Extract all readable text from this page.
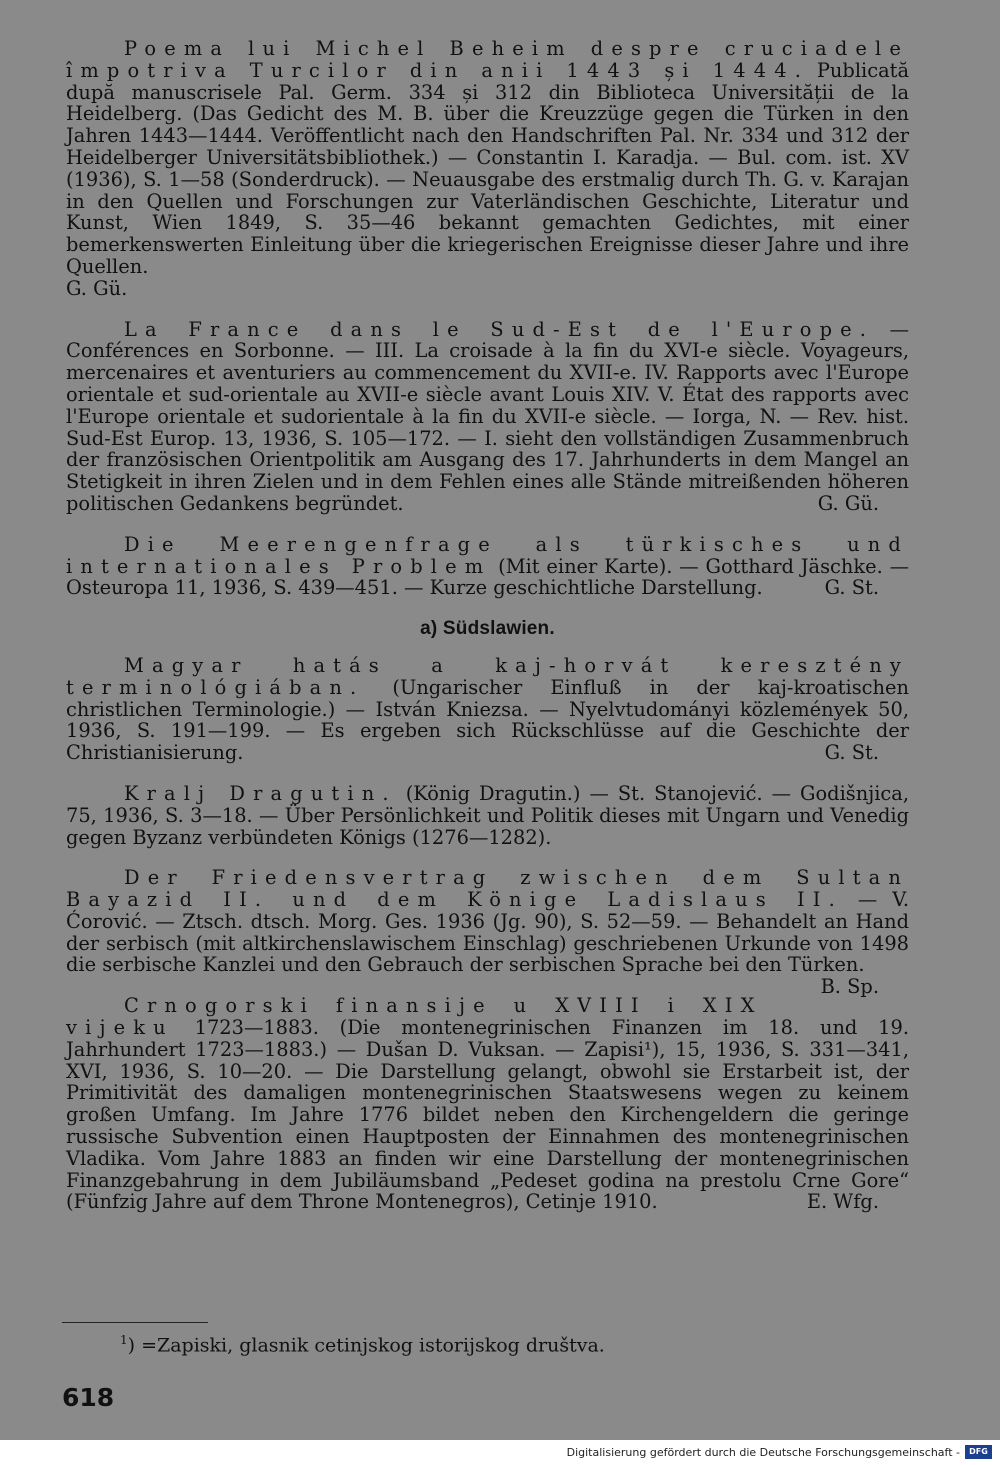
Poema lui Michel Beheim despre cruciadele împotriva Turcilor din anii 1443 și 1444. Publicată după manuscrisele Pal. Germ. 334 și 312 din Biblioteca Universității de la Heidelberg. (Das Gedicht des M. B. über die Kreuzzüge gegen die Türken in den Jahren 1443—1444. Veröffentlicht nach den Handschriften Pal. Nr. 334 und 312 der Heidelberger Universitätsbibliothek.) — Constantin I. Karadja. — Bul. com. ist. XV (1936), S. 1—58 (Sonderdruck). — Neuausgabe des erstmalig durch Th. G. v. Karajan in den Quellen und Forschungen zur Vaterländischen Geschichte, Literatur und Kunst, Wien 1849, S. 35—46 bekannt gemachten Gedichtes, mit einer bemerkenswerten Einleitung über die kriegerischen Ereignisse dieser Jahre und ihre Quellen.

G. Gü.

La France dans le Sud-Est de l'Europe. — Conférences en Sorbonne. — III. La croisade à la fin du XVI-e siècle. Voyageurs, mercenaires et aventuriers au commencement du XVII-e. IV. Rapports avec l'Europe orientale et sud-orientale au XVII-e siècle avant Louis XIV. V. État des rapports avec l'Europe orientale et sudorientale à la fin du XVII-e siècle. — Iorga, N. — Rev. hist. Sud-Est Europ. 13, 1936, S. 105—172. — I. sieht den vollständigen Zusammenbruch der französischen Orientpolitik am Ausgang des 17. Jahrhunderts in dem Mangel an Stetigkeit in ihren Zielen und in dem Fehlen eines alle Stände mitreißenden höheren politischen Gedankens begründet.	G. Gü.

Die Meerengenfrage als türkisches und internationales Problem (Mit einer Karte). — Gotthard Jäschke. — Osteuropa 11, 1936, S. 439—451. — Kurze geschichtliche Darstellung.	G. St.

a) Südslawien.

Magyar hatás a kaj-horvát keresztény terminológiában. (Ungarischer Einfluß in der kaj-kroatischen christlichen Terminologie.) — István Kniezsa. — Nyelvtudományi közlemények 50, 1936, S. 191—199. — Es ergeben sich Rückschlüsse auf die Geschichte der Christianisierung.	G. St.

Kralj Dragutin. (König Dragutin.) — St. Stanojević. — Godišnjica, 75, 1936, S. 3—18. — Über Persönlichkeit und Politik dieses mit Ungarn und Venedig gegen Byzanz verbündeten Königs (1276—1282).

Der Friedensvertrag zwischen dem Sultan Bayazid II. und dem Könige Ladislaus II. — V. Ćorović. — Ztsch. dtsch. Morg. Ges. 1936 (Jg. 90), S. 52—59. — Behandelt an Hand der serbisch (mit altkirchenslawischem Einschlag) geschriebenen Urkunde von 1498 die serbische Kanzlei und den Gebrauch der serbischen Sprache bei den Türken.
B. Sp.

Crnogorski finansije u XVIII i XIX vijeku 1723—1883. (Die montenegrinischen Finanzen im 18. und 19. Jahrhundert 1723—1883.) — Dušan D. Vuksan. — Zapisi¹), 15, 1936, S. 331—341, XVI, 1936, S. 10—20. — Die Darstellung gelangt, obwohl sie Erstarbeit ist, der Primitivität des damaligen montenegrinischen Staatswesens wegen zu keinem großen Umfang. Im Jahre 1776 bildet neben den Kirchengeldern die geringe russische Subvention einen Hauptposten der Einnahmen des montenegrinischen Vladika. Vom Jahre 1883 an finden wir eine Darstellung der montenegrinischen Finanzgebahrung in dem Jubiläumsband „Pedeset godina na prestolu Crne Gore“ (Fünfzig Jahre auf dem Throne Montenegros), Cetinje 1910.	E. Wfg.

$^1$) =Zapiski, glasnik cetinjskog istorijskog društva.
618
Digitalisierung gefördert durch die Deutsche Forschungsgemeinschaft -	DFG
